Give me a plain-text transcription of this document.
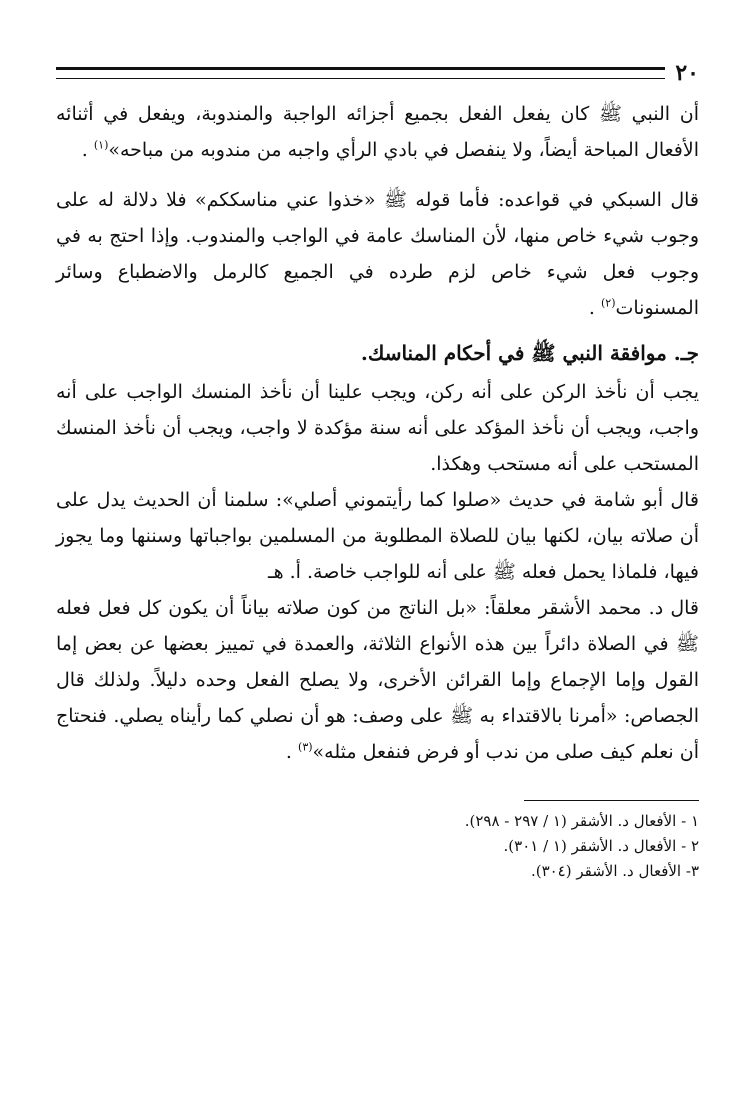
٢٠

أن النبي ﷺ كان يفعل الفعل بجميع أجزائه الواجبة والمندوبة، ويفعل في أثنائه الأفعال المباحة أيضاً، ولا ينفصل في بادي الرأي واجبه من مندوبه من مباحه»$^{(١)}$ .

قال السبكي في قواعده: فأما قوله ﷺ «خذوا عني مناسككم» فلا دلالة له على وجوب شيء خاص منها، لأن المناسك عامة في الواجب والمندوب. وإذا احتج به في وجوب فعل شيء خاص لزم طرده في الجميع كالرمل والاضطباع وسائر المسنونات$^{(٢)}$ .

جـ. موافقة النبي ﷺ في أحكام المناسك.

يجب أن نأخذ الركن على أنه ركن، ويجب علينا أن نأخذ المنسك الواجب على أنه واجب، ويجب أن نأخذ المؤكد على أنه سنة مؤكدة لا واجب، ويجب أن نأخذ المنسك المستحب على أنه مستحب وهكذا.

قال أبو شامة في حديث «صلوا كما رأيتموني أصلي»: سلمنا أن الحديث يدل على أن صلاته بيان، لكنها بيان للصلاة المطلوبة من المسلمين بواجباتها وسننها وما يجوز فيها، فلماذا يحمل فعله ﷺ على أنه للواجب خاصة. أ. هـ

قال د. محمد الأشقر معلقاً: «بل الناتج من كون صلاته بياناً أن يكون كل فعل فعله ﷺ في الصلاة دائراً بين هذه الأنواع الثلاثة، والعمدة في تمييز بعضها عن بعض إما القول وإما الإجماع وإما القرائن الأخرى، ولا يصلح الفعل وحده دليلاً. ولذلك قال الجصاص: «أمرنا بالاقتداء به ﷺ على وصف: هو أن نصلي كما رأيناه يصلي. فنحتاج أن نعلم كيف صلى من ندب أو فرض فنفعل مثله»$^{(٣)}$ .

١ - الأفعال د. الأشقر (١ / ٢٩٧ - ٢٩٨).

٢ - الأفعال د. الأشقر (١ / ٣٠١).

٣- الأفعال د. الأشقر (٣٠٤).
